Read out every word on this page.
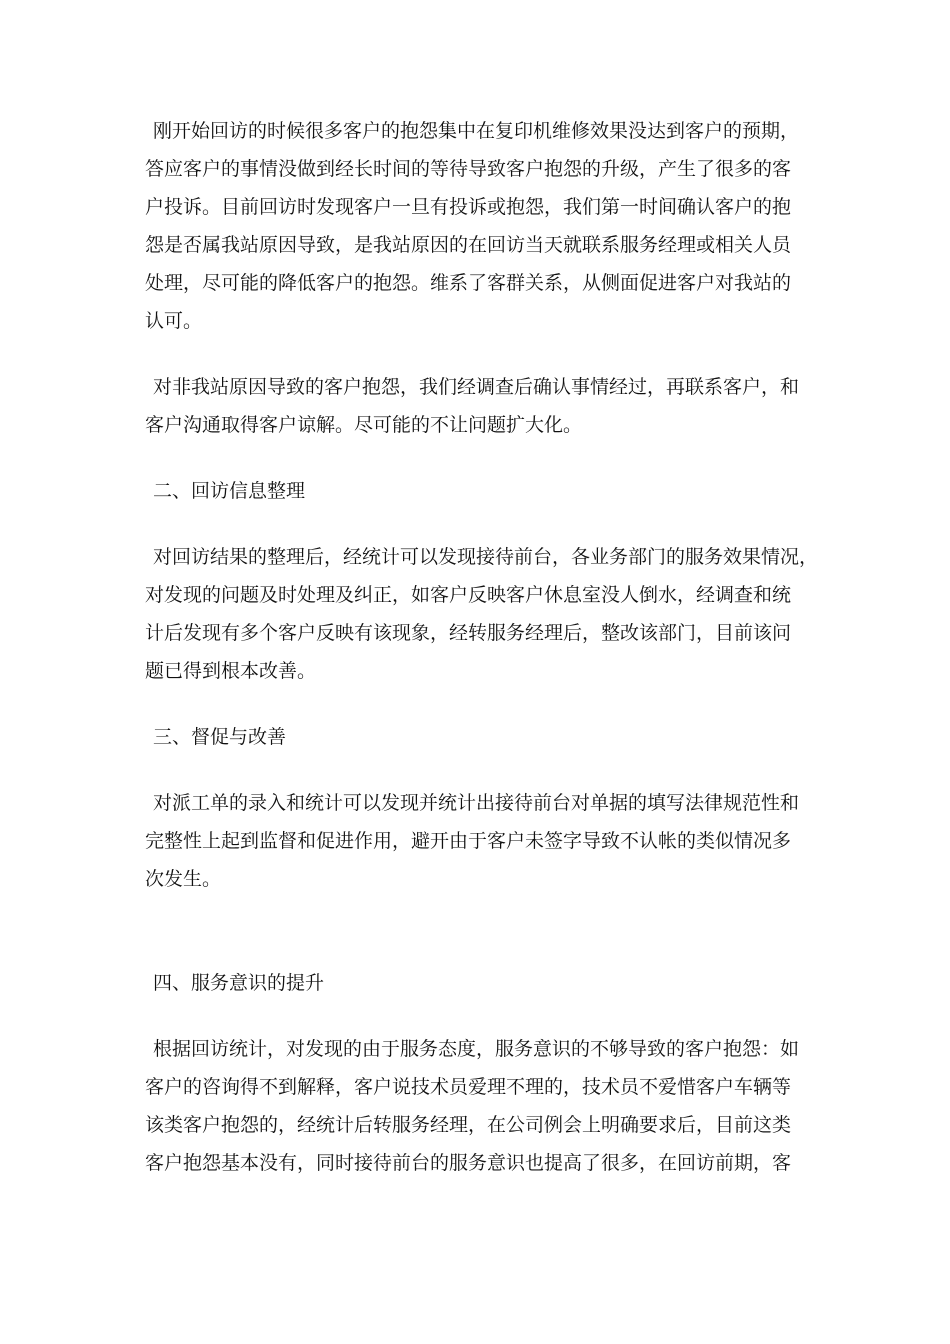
刚开始回访的时候很多客户的抱怨集中在复印机维修效果没达到客户的预期，
答应客户的事情没做到经长时间的等待导致客户抱怨的升级，产生了很多的客
户投诉。目前回访时发现客户一旦有投诉或抱怨，我们第一时间确认客户的抱
怨是否属我站原因导致，是我站原因的在回访当天就联系服务经理或相关人员
处理，尽可能的降低客户的抱怨。维系了客群关系，从侧面促进客户对我站的
认可。

对非我站原因导致的客户抱怨，我们经调查后确认事情经过，再联系客户，和
客户沟通取得客户谅解。尽可能的不让问题扩大化。

二、回访信息整理

对回访结果的整理后，经统计可以发现接待前台，各业务部门的服务效果情况，
对发现的问题及时处理及纠正，如客户反映客户休息室没人倒水，经调查和统
计后发现有多个客户反映有该现象，经转服务经理后，整改该部门，目前该问
题已得到根本改善。

三、督促与改善

对派工单的录入和统计可以发现并统计出接待前台对单据的填写法律规范性和
完整性上起到监督和促进作用，避开由于客户未签字导致不认帐的类似情况多
次发生。

四、服务意识的提升

根据回访统计，对发现的由于服务态度，服务意识的不够导致的客户抱怨：如
客户的咨询得不到解释，客户说技术员爱理不理的，技术员不爱惜客户车辆等
该类客户抱怨的，经统计后转服务经理，在公司例会上明确要求后，目前这类
客户抱怨基本没有，同时接待前台的服务意识也提高了很多，在回访前期，客
